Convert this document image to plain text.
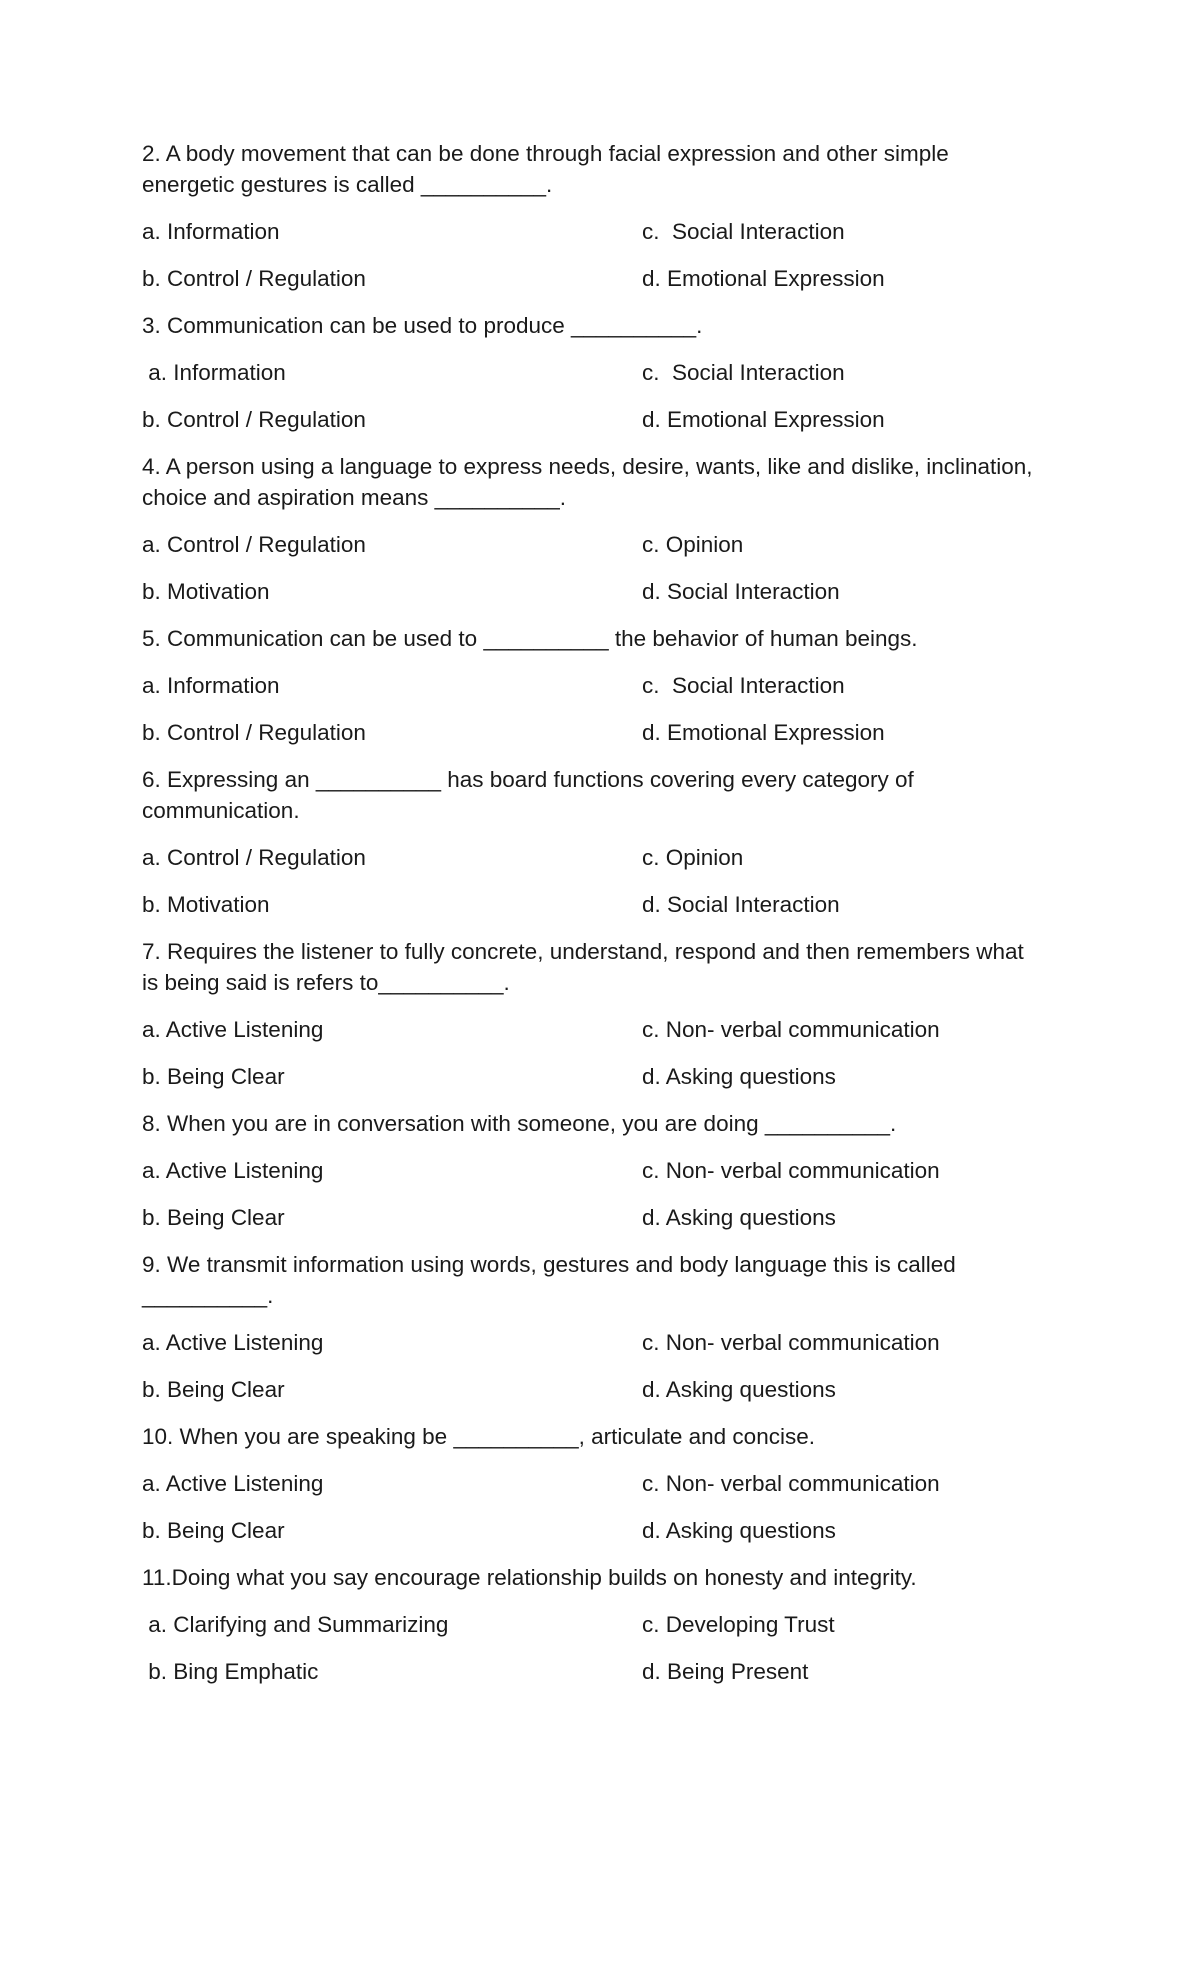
2. A body movement that can be done through facial expression and other simple energetic gestures is called __________.
a. Information	c.  Social Interaction
b. Control / Regulation	d. Emotional Expression
3. Communication can be used to produce __________.
a. Information	c.  Social Interaction
b. Control / Regulation	d. Emotional Expression
4. A person using a language to express needs, desire, wants, like and dislike, inclination, choice and aspiration means __________.
a. Control / Regulation	c. Opinion
b. Motivation	d. Social Interaction
5. Communication can be used to __________ the behavior of human beings.
a. Information	c.  Social Interaction
b. Control / Regulation	d. Emotional Expression
6. Expressing an __________ has board functions covering every category of communication.
a. Control / Regulation	c. Opinion
b. Motivation	d. Social Interaction
7. Requires the listener to fully concrete, understand, respond and then remembers what is being said is refers to__________.
a. Active Listening	c. Non- verbal communication
b. Being Clear	d. Asking questions
8. When you are in conversation with someone, you are doing __________.
a. Active Listening	c. Non- verbal communication
b. Being Clear	d. Asking questions
9. We transmit information using words, gestures and body language this is called __________.
a. Active Listening	c. Non- verbal communication
b. Being Clear	d. Asking questions
10. When you are speaking be __________, articulate and concise.
a. Active Listening	c. Non- verbal communication
b. Being Clear	d. Asking questions
11.Doing what you say encourage relationship builds on honesty and integrity.
a. Clarifying and Summarizing	c. Developing Trust
b. Bing Emphatic	d. Being Present
